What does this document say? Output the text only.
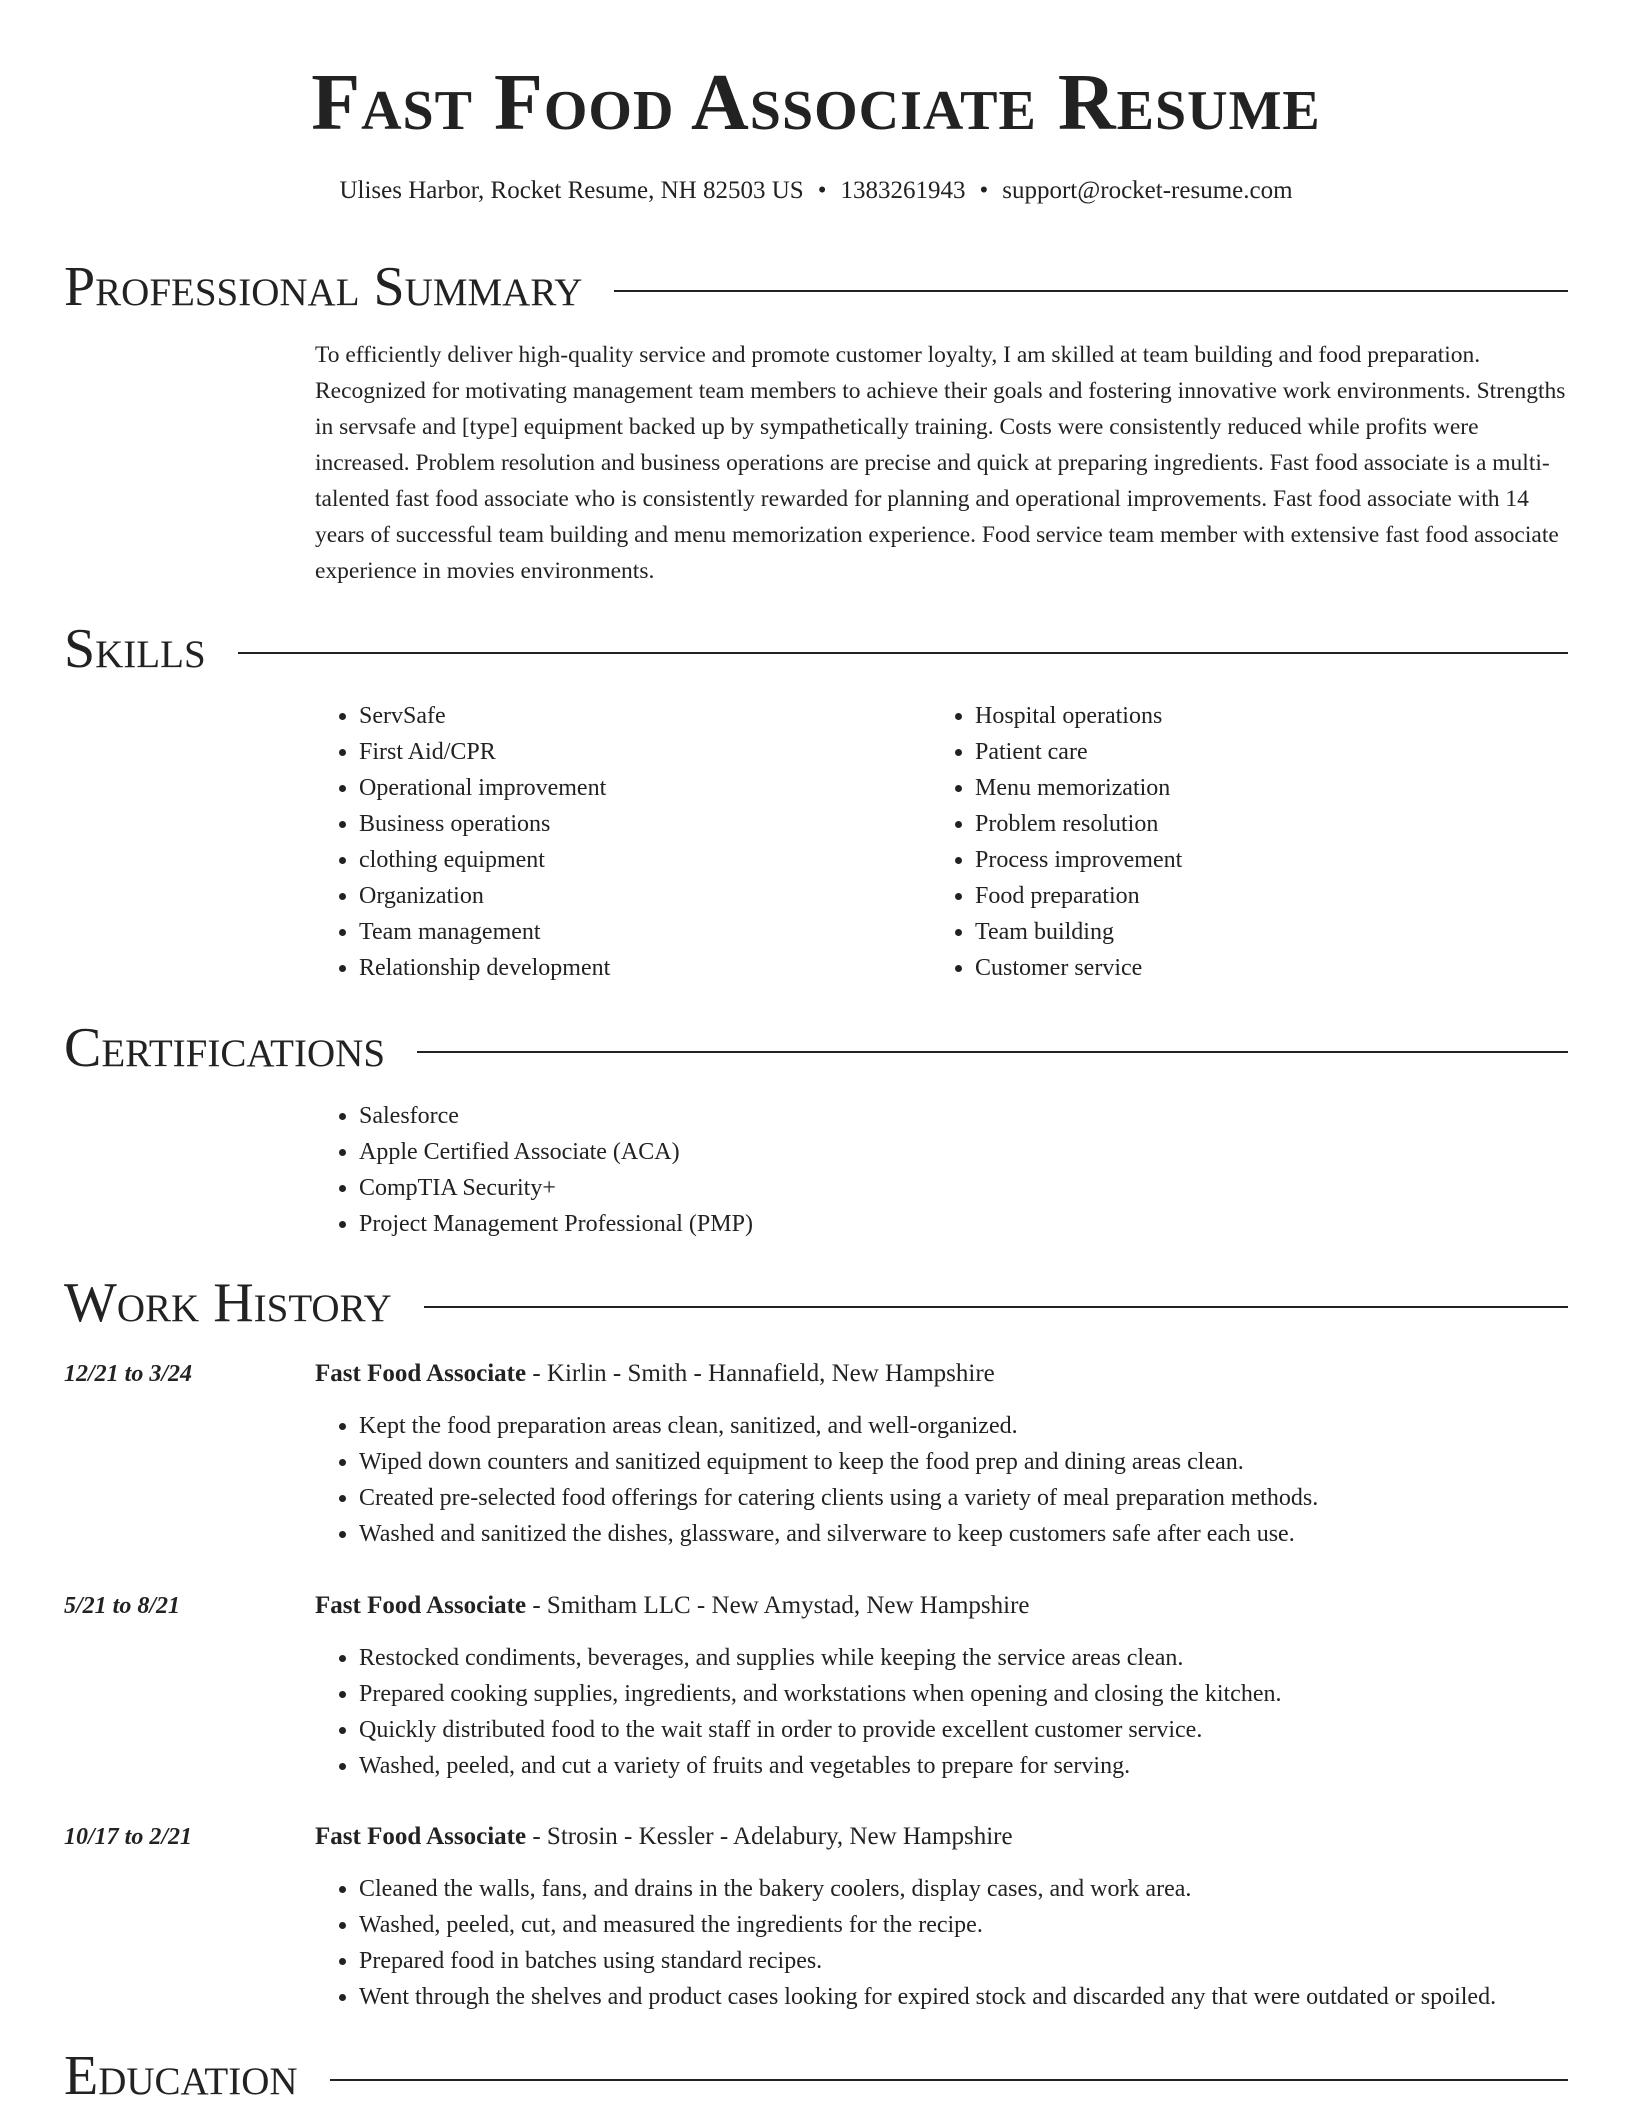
Fast Food Associate Resume
Ulises Harbor, Rocket Resume, NH 82503 US • 1383261943 • support@rocket-resume.com
Professional Summary

To efficiently deliver high-quality service and promote customer loyalty, I am skilled at team building and food preparation. Recognized for motivating management team members to achieve their goals and fostering innovative work environments. Strengths in servsafe and [type] equipment backed up by sympathetically training. Costs were consistently reduced while profits were increased. Problem resolution and business operations are precise and quick at preparing ingredients. Fast food associate is a multi-talented fast food associate who is consistently rewarded for planning and operational improvements. Fast food associate with 14 years of successful team building and menu memorization experience. Food service team member with extensive fast food associate experience in movies environments.

Skills
• ServSafe
• First Aid/CPR
• Operational improvement
• Business operations
• clothing equipment
• Organization
• Team management
• Relationship development
• Hospital operations
• Patient care
• Menu memorization
• Problem resolution
• Process improvement
• Food preparation
• Team building
• Customer service
Certifications
• Salesforce
• Apple Certified Associate (ACA)
• CompTIA Security+
• Project Management Professional (PMP)
Work History
12/21 to 3/24	Fast Food Associate - Kirlin - Smith - Hannafield, New Hampshire
• Kept the food preparation areas clean, sanitized, and well-organized.
• Wiped down counters and sanitized equipment to keep the food prep and dining areas clean.
• Created pre-selected food offerings for catering clients using a variety of meal preparation methods.
• Washed and sanitized the dishes, glassware, and silverware to keep customers safe after each use.
5/21 to 8/21	Fast Food Associate - Smitham LLC - New Amystad, New Hampshire
• Restocked condiments, beverages, and supplies while keeping the service areas clean.
• Prepared cooking supplies, ingredients, and workstations when opening and closing the kitchen.
• Quickly distributed food to the wait staff in order to provide excellent customer service.
• Washed, peeled, and cut a variety of fruits and vegetables to prepare for serving.
10/17 to 2/21	Fast Food Associate - Strosin - Kessler - Adelabury, New Hampshire
• Cleaned the walls, fans, and drains in the bakery coolers, display cases, and work area.
• Washed, peeled, cut, and measured the ingredients for the recipe.
• Prepared food in batches using standard recipes.
• Went through the shelves and product cases looking for expired stock and discarded any that were outdated or spoiled.
Education
